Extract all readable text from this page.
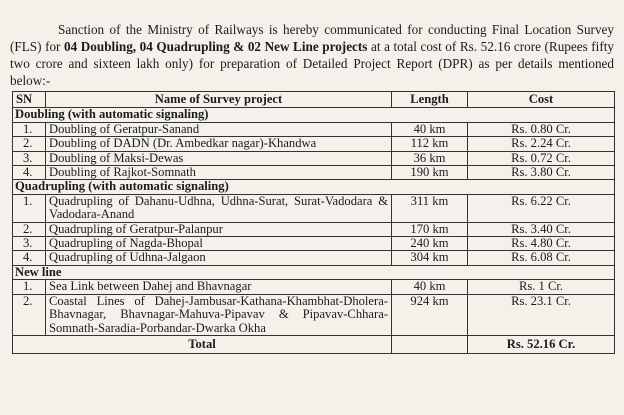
Sanction of the Ministry of Railways is hereby communicated for conducting Final Location Survey (FLS) for 04 Doubling, 04 Quadrupling & 02 New Line projects at a total cost of Rs. 52.16 crore (Rupees fifty two crore and sixteen lakh only) for preparation of Detailed Project Report (DPR) as per details mentioned below:-

SN	Name of Survey project	Length	Cost
Doubling (with automatic signaling)			
1.	Doubling of Geratpur-Sanand	40 km	Rs. 0.80 Cr.
2.	Doubling of DADN (Dr. Ambedkar nagar)-Khandwa	112 km	Rs. 2.24 Cr.
3.	Doubling of Maksi-Dewas	36 km	Rs. 0.72 Cr.
4.	Doubling of Rajkot-Somnath	190 km	Rs. 3.80 Cr.
Quadrupling (with automatic signaling)			
1.	Quadrupling of Dahanu-Udhna, Udhna-Surat, Surat-Vadodara & Vadodara-Anand	311 km	Rs. 6.22 Cr.
2.	Quadrupling of Geratpur-Palanpur	170 km	Rs. 3.40 Cr.
3.	Quadrupling of Nagda-Bhopal	240 km	Rs. 4.80 Cr.
4.	Quadrupling of Udhna-Jalgaon	304 km	Rs. 6.08 Cr.
New line			
1.	Sea Link between Dahej and Bhavnagar	40 km	Rs. 1 Cr.
2.	Coastal Lines of Dahej-Jambusar-Kathana-Khambhat-Dholera-Bhavnagar, Bhavnagar-Mahuva-Pipavav & Pipavav-Chhara-Somnath-Saradia-Porbandar-Dwarka Okha	924 km	Rs. 23.1 Cr.
Total			Rs. 52.16 Cr.
